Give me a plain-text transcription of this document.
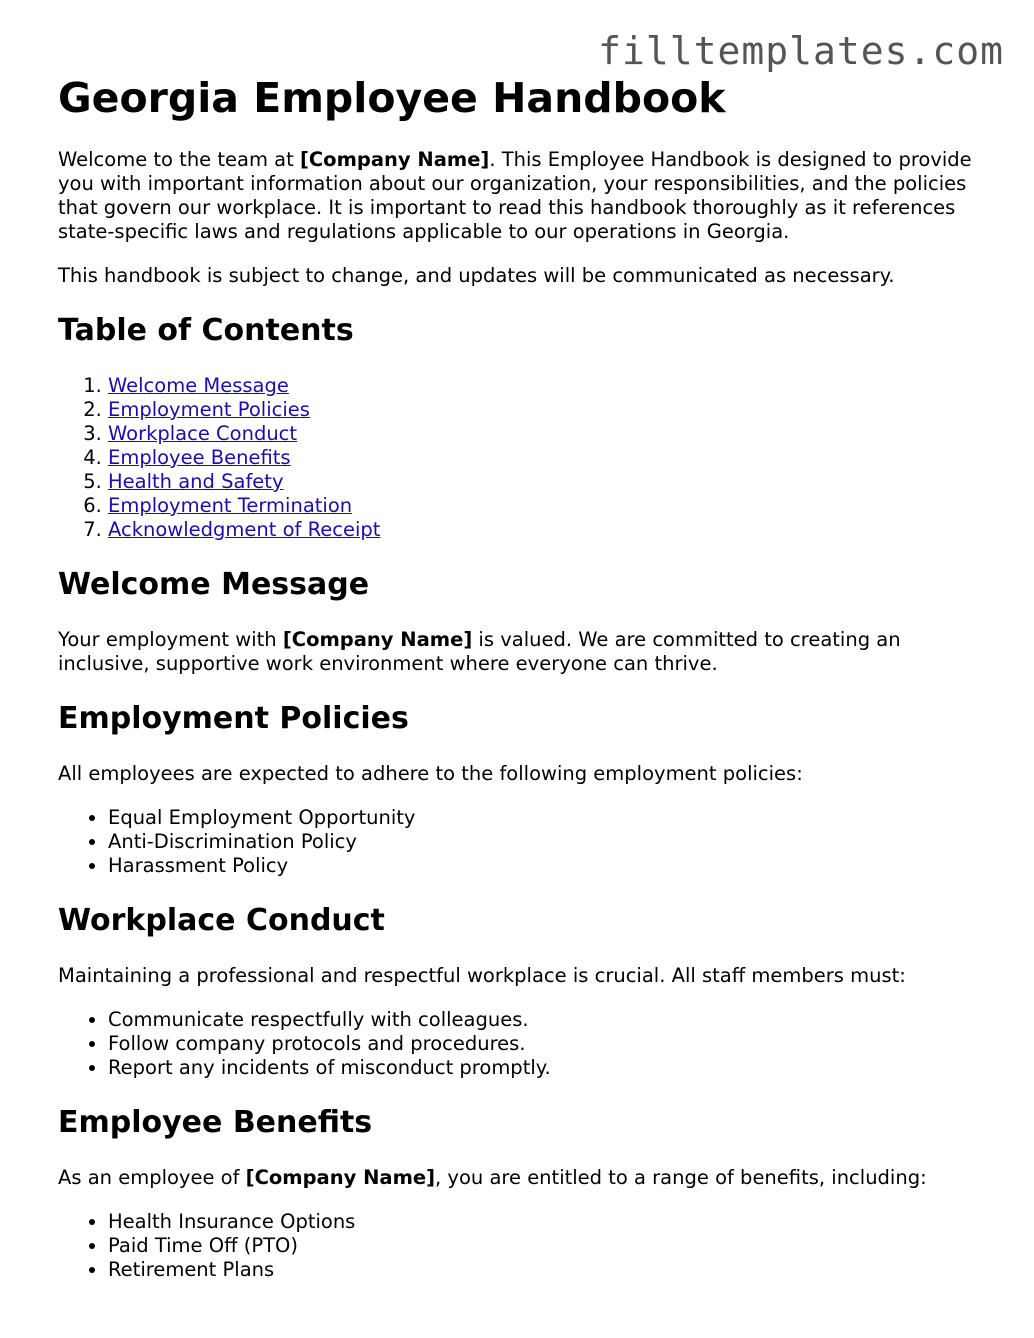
filltemplates.com
Georgia Employee Handbook

Welcome to the team at [Company Name]. This Employee Handbook is designed to provide you with important information about our organization, your responsibilities, and the policies that govern our workplace. It is important to read this handbook thoroughly as it references state-specific laws and regulations applicable to our operations in Georgia.

This handbook is subject to change, and updates will be communicated as necessary.

Table of Contents
1. Welcome Message
2. Employment Policies
3. Workplace Conduct
4. Employee Benefits
5. Health and Safety
6. Employment Termination
7. Acknowledgment of Receipt
Welcome Message

Your employment with [Company Name] is valued. We are committed to creating an inclusive, supportive work environment where everyone can thrive.

Employment Policies

All employees are expected to adhere to the following employment policies:

• Equal Employment Opportunity
• Anti-Discrimination Policy
• Harassment Policy
Workplace Conduct

Maintaining a professional and respectful workplace is crucial. All staff members must:

• Communicate respectfully with colleagues.
• Follow company protocols and procedures.
• Report any incidents of misconduct promptly.
Employee Benefits

As an employee of [Company Name], you are entitled to a range of benefits, including:

• Health Insurance Options
• Paid Time Off (PTO)
• Retirement Plans
